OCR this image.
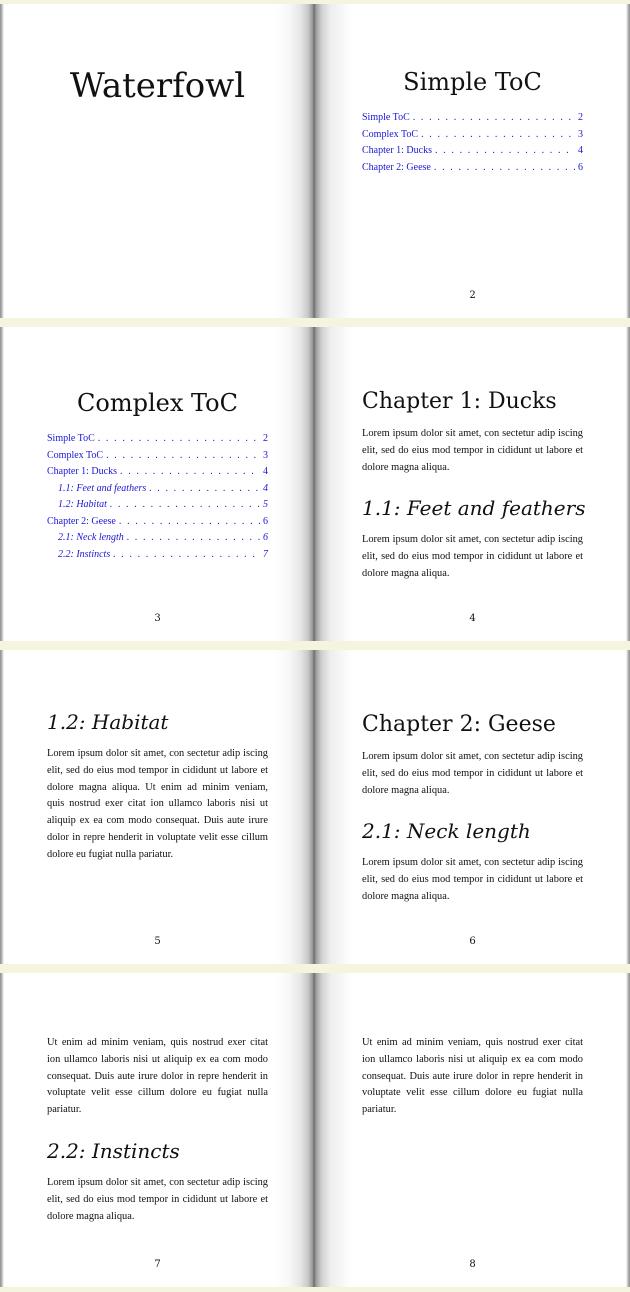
Waterfowl	Simple ToC
Simple ToC . . .	2
Complex ToC . . .	3
Chapter 1: Ducks . . .	4
Chapter 2: Geese . . .	6
2
Complex ToC
Simple ToC . . .	2
Complex ToC . . .	3
Chapter 1: Ducks . . .	4
1.1: Feet and feathers . . .	4
1.2: Habitat . . .	5
Chapter 2: Geese . . .	6
2.1: Neck length . . .	6
2.2: Instincts . . .	7
3
Chapter 1: Ducks

Lorem ipsum dolor sit amet, con sectetur adip iscing elit, sed do eius mod tempor in cididunt ut labore et dolore magna aliqua.

1.1: Feet and feathers

Lorem ipsum dolor sit amet, con sectetur adip iscing elit, sed do eius mod tempor in cididunt ut labore et dolore magna aliqua.

4
1.2: Habitat

Lorem ipsum dolor sit amet, con sectetur adip iscing elit, sed do eius mod tempor in cididunt ut labore et dolore magna aliqua. Ut enim ad minim veniam, quis nostrud exer citat ion ullamco laboris nisi ut aliquip ex ea com modo consequat. Duis aute irure dolor in repre henderit in voluptate velit esse cillum dolore eu fugiat nulla pariatur.

5
Chapter 2: Geese

Lorem ipsum dolor sit amet, con sectetur adip iscing elit, sed do eius mod tempor in cididunt ut labore et dolore magna aliqua.

2.1: Neck length

Lorem ipsum dolor sit amet, con sectetur adip iscing elit, sed do eius mod tempor in cididunt ut labore et dolore magna aliqua.

6

Ut enim ad minim veniam, quis nostrud exer citat ion ullamco laboris nisi ut aliquip ex ea com modo consequat. Duis aute irure dolor in repre henderit in voluptate velit esse cillum dolore eu fugiat nulla pariatur.

2.2: Instincts

Lorem ipsum dolor sit amet, con sectetur adip iscing elit, sed do eius mod tempor in cididunt ut labore et dolore magna aliqua.

7

Ut enim ad minim veniam, quis nostrud exer citat ion ullamco laboris nisi ut aliquip ex ea com modo consequat. Duis aute irure dolor in repre henderit in voluptate velit esse cillum dolore eu fugiat nulla pariatur.

8
